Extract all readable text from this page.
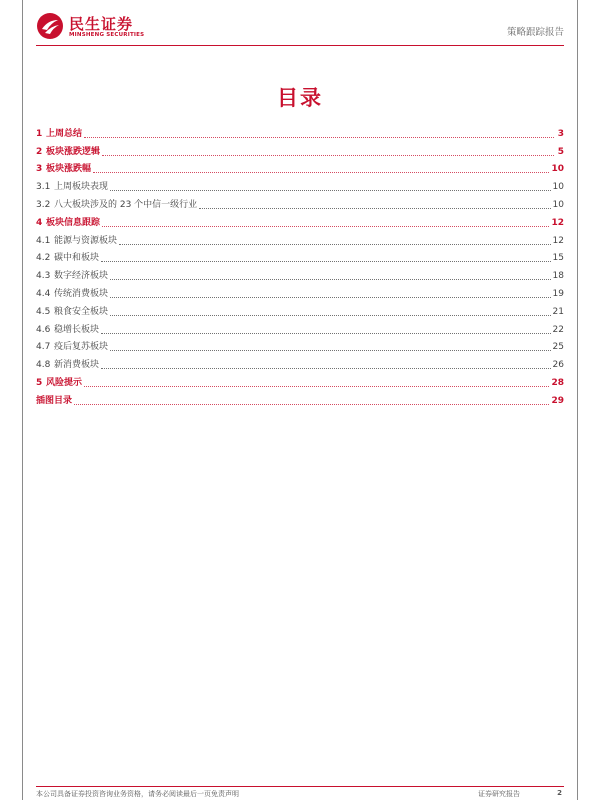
民生证券
MINSHENG SECURITIES	策略跟踪报告
目录
1 上周总结	3
2 板块涨跌逻辑	5
3 板块涨跌幅	10
3.1 上周板块表现	10
3.2 八大板块涉及的 23 个中信一级行业	10
4 板块信息跟踪	12
4.1 能源与资源板块	12
4.2 碳中和板块	15
4.3 数字经济板块	18
4.4 传统消费板块	19
4.5 粮食安全板块	21
4.6 稳增长板块	22
4.7 疫后复苏板块	25
4.8 新消费板块	26
5 风险提示	28
插图目录	29
本公司具备证券投资咨询业务资格，请务必阅读最后一页免责声明	证券研究报告	2
